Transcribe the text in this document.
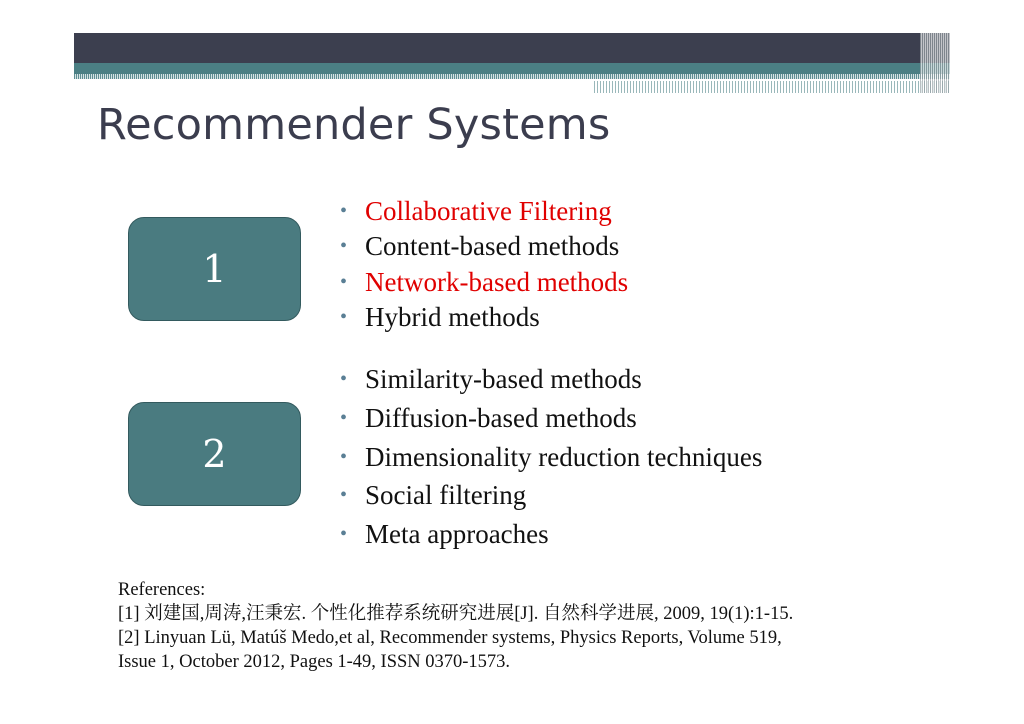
Recommender Systems
1
• Collaborative Filtering
• Content-based methods
• Network-based methods
• Hybrid methods
2
• Similarity-based methods
• Diffusion-based methods
• Dimensionality reduction techniques
• Social filtering
• Meta approaches
References:
[1] 刘建国,周涛,汪秉宏. 个性化推荐系统研究进展[J]. 自然科学进展, 2009, 19(1):1-15.
[2] Linyuan Lü, Matúš Medo,et al, Recommender systems, Physics Reports, Volume 519,
Issue 1, October 2012, Pages 1-49, ISSN 0370-1573.
